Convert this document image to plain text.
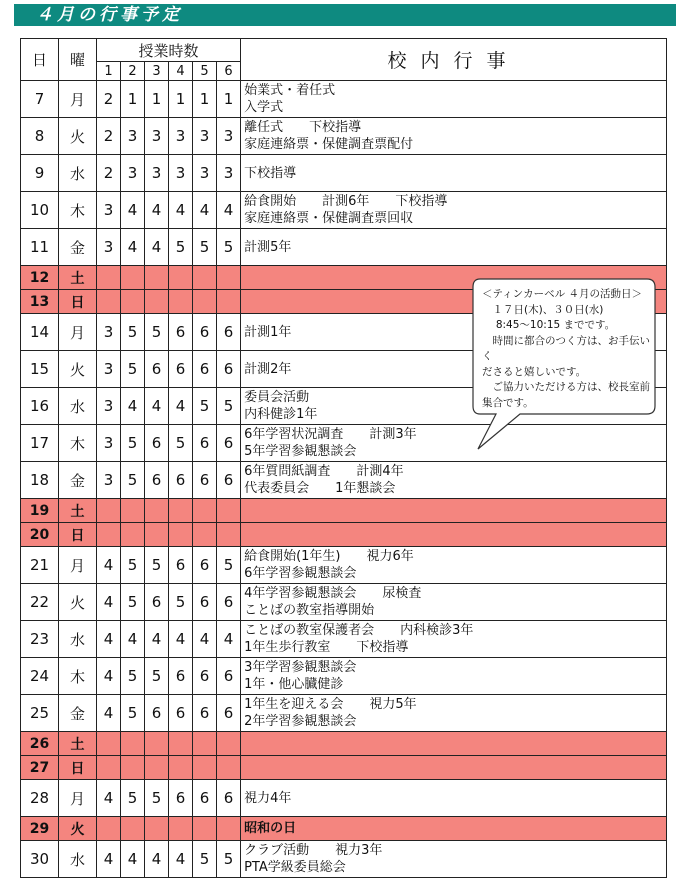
４月の行事予定
日	曜	授業時数						校内行事
		1	2	3	4	5	6	
7	月	2	1	1	1	1	1	始業式・着任式
入学式

8	火	2	3	3	3	3	3	離任式　　下校指導
家庭連絡票・保健調査票配付

9	水	2	3	3	3	3	3	下校指導

10	木	3	4	4	4	4	4	給食開始　　計測6年　　下校指導
家庭連絡票・保健調査票回収

11	金	3	4	4	5	5	5	計測5年

12	土							
13	日							
14	月	3	5	5	6	6	6	計測1年

15	火	3	5	6	6	6	6	計測2年

16	水	3	4	4	4	5	5	委員会活動
内科健診1年

17	木	3	5	6	5	6	6	6年学習状況調査　　計測3年
5年学習参観懇談会

18	金	3	5	6	6	6	6	6年質問紙調査　　計測4年
代表委員会　　1年懇談会

19	土							
20	日							
21	月	4	5	5	6	6	5	給食開始(1年生)　　視力6年
6年学習参観懇談会

22	火	4	5	6	5	6	6	4年学習参観懇談会　　尿検査
ことばの教室指導開始

23	水	4	4	4	4	4	4	ことばの教室保護者会　　内科検診3年
1年生歩行教室　　下校指導

24	木	4	5	5	6	6	6	3年学習参観懇談会
1年・他心臓健診

25	金	4	5	6	6	6	6	1年生を迎える会　　視力5年
2年学習参観懇談会

26	土							
27	日							
28	月	4	5	5	6	6	6	視力4年

29	火							昭和の日

30	水	4	4	4	4	5	5	クラブ活動　　視力3年
PTA学級委員総会
＜ティンカーベル ４月の活動日＞
　１７日(木)、３０日(水)
　 8:45～10:15 までです。
　時間に都合のつく方は、お手伝いく
ださると嬉しいです。
　ご協力いただける方は、校長室前
集合です。
